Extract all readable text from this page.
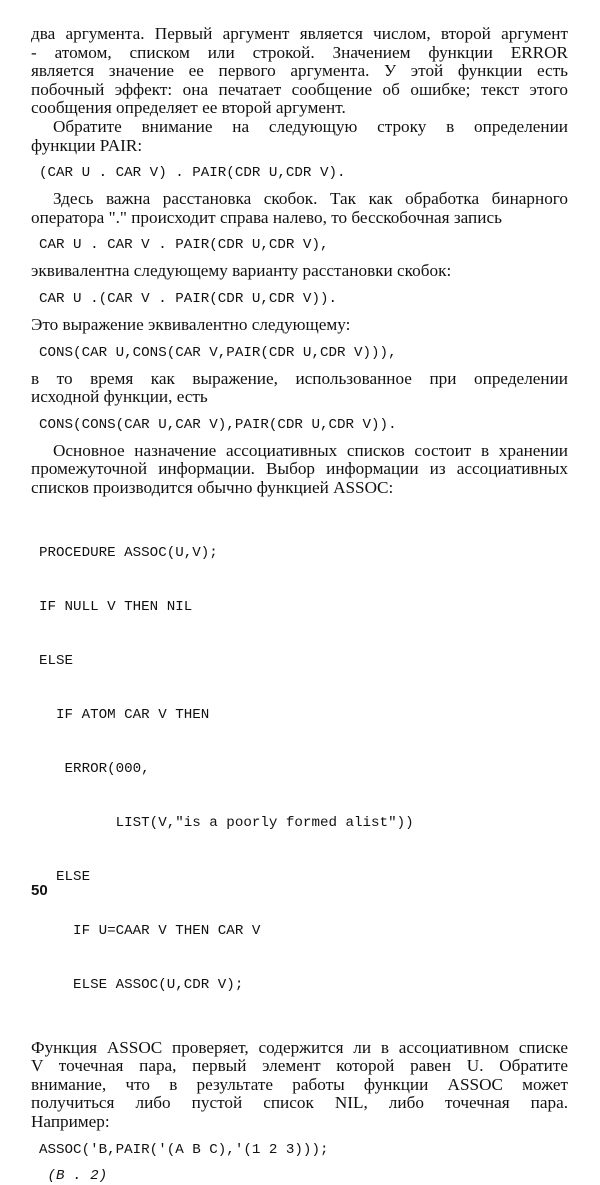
два аргумента. Первый аргумент является числом, второй аргумент
- атомом, списком или строкой. Значением функции ERROR
является значение ее первого аргумента. У этой функции есть
побочный эффект: она печатает сообщение об ошибке; текст этого
сообщения определяет ее второй аргумент.

Обратите внимание на следующую строку в определении
функции PAIR:

(CAR U . CAR V) . PAIR(CDR U,CDR V).

Здесь важна расстановка скобок. Так как обработка бинарного
оператора "." происходит справа налево, то бесскобочная запись

CAR U . CAR V . PAIR(CDR U,CDR V),

эквивалентна следующему варианту расстановки скобок:

CAR U .(CAR V . PAIR(CDR U,CDR V)).

Это выражение эквивалентно следующему:

CONS(CAR U,CONS(CAR V,PAIR(CDR U,CDR V))),

в то время как выражение, использованное при определении
исходной функции, есть

CONS(CONS(CAR U,CAR V),PAIR(CDR U,CDR V)).

Основное назначение ассоциативных списков состоит в хранении
промежуточной информации. Выбор информации из ассоциативных
списков производится обычно функцией ASSOC:

PROCEDURE ASSOC(U,V);

IF NULL V THEN NIL

ELSE

IF ATOM CAR V THEN

ERROR(000,

LIST(V,"is a poorly formed alist"))

ELSE

IF U=CAAR V THEN CAR V

ELSE ASSOC(U,CDR V);

Функция ASSOC проверяет, содержится ли в ассоциативном списке
V точечная пара, первый элемент которой равен U. Обратите
внимание, что в результате работы функции ASSOC может
получиться либо пустой список NIL, либо точечная пара.
Например:

ASSOC('B,PAIR('(A B C),'(1 2 3)));
(B . 2)
50
